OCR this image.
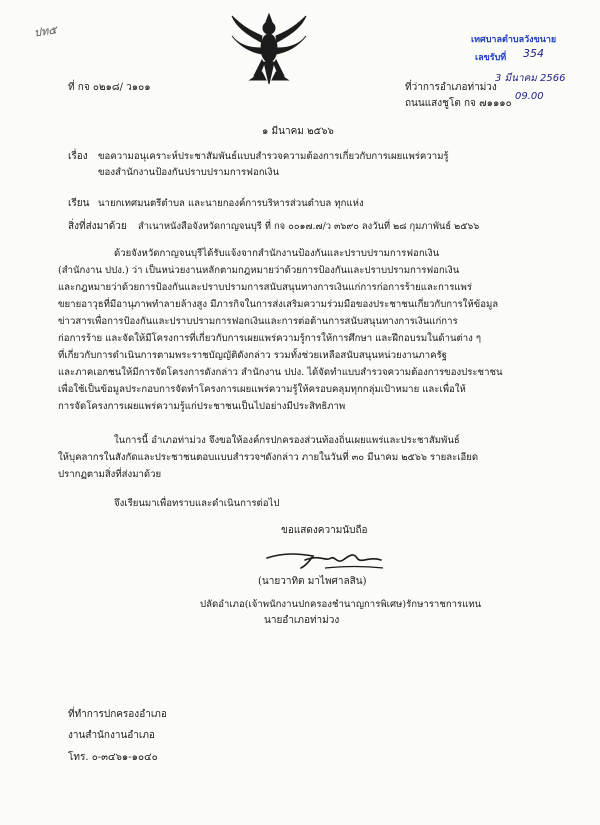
ปท๕
ที่ กจ ๐๒๑๘/ ว๑๐๑	ที่ว่าการอำเภอท่าม่วง
ถนนแสงชูโต กจ ๗๑๑๑๐
เทศบาลตำบลวังขนาย
เลขรับที่ 354
3 มีนาคม 2566
09.00
๑ มีนาคม ๒๕๖๖
เรื่อง ขอความอนุเคราะห์ประชาสัมพันธ์แบบสำรวจความต้องการเกี่ยวกับการเผยแพร่ความรู้
ของสำนักงานป้องกันปราบปรามการฟอกเงิน
เรียน นายกเทศมนตรีตำบล และนายกองค์การบริหารส่วนตำบล ทุกแห่ง
สิ่งที่ส่งมาด้วย สำเนาหนังสือจังหวัดกาญจนบุรี ที่ กจ ๐๐๑๗.๗/ว ๓๖๙๐ ลงวันที่ ๒๘ กุมภาพันธ์ ๒๕๖๖
ด้วยจังหวัดกาญจนบุรีได้รับแจ้งจากสำนักงานป้องกันและปราบปรามการฟอกเงิน
(สำนักงาน ปปง.) ว่า เป็นหน่วยงานหลักตามกฎหมายว่าด้วยการป้องกันและปราบปรามการฟอกเงิน
และกฎหมายว่าด้วยการป้องกันและปราบปรามการสนับสนุนทางการเงินแก่การก่อการร้ายและการแพร่
ขยายอาวุธที่มีอานุภาพทำลายล้างสูง มีภารกิจในการส่งเสริมความร่วมมือของประชาชนเกี่ยวกับการให้ข้อมูล
ข่าวสารเพื่อการป้องกันและปราบปรามการฟอกเงินและการต่อต้านการสนับสนุนทางการเงินแก่การ
ก่อการร้าย และจัดให้มีโครงการที่เกี่ยวกับการเผยแพร่ความรู้การให้การศึกษา และฝึกอบรมในด้านต่าง ๆ
ที่เกี่ยวกับการดำเนินการตามพระราชบัญญัติดังกล่าว รวมทั้งช่วยเหลือสนับสนุนหน่วยงานภาครัฐ
และภาคเอกชนให้มีการจัดโครงการดังกล่าว สำนักงาน ปปง. ได้จัดทำแบบสำรวจความต้องการของประชาชน
เพื่อใช้เป็นข้อมูลประกอบการจัดทำโครงการเผยแพร่ความรู้ให้ครอบคลุมทุกกลุ่มเป้าหมาย และเพื่อให้
การจัดโครงการเผยแพร่ความรู้แก่ประชาชนเป็นไปอย่างมีประสิทธิภาพ
ในการนี้ อำเภอท่าม่วง จึงขอให้องค์กรปกครองส่วนท้องถิ่นเผยแพร่และประชาสัมพันธ์
ให้บุคลากรในสังกัดและประชาชนตอบแบบสำรวจฯดังกล่าว ภายในวันที่ ๓๐ มีนาคม ๒๕๖๖ รายละเอียด
ปรากฏตามสิ่งที่ส่งมาด้วย
จึงเรียนมาเพื่อทราบและดำเนินการต่อไป
ขอแสดงความนับถือ
(นายวาทิต มาไพศาลสิน)
ปลัดอำเภอ(เจ้าพนักงานปกครองชำนาญการพิเศษ)รักษาราชการแทน
นายอำเภอท่าม่วง
ที่ทำการปกครองอำเภอ
งานสำนักงานอำเภอ
โทร. ๐-๓๔๖๑-๑๐๔๐
